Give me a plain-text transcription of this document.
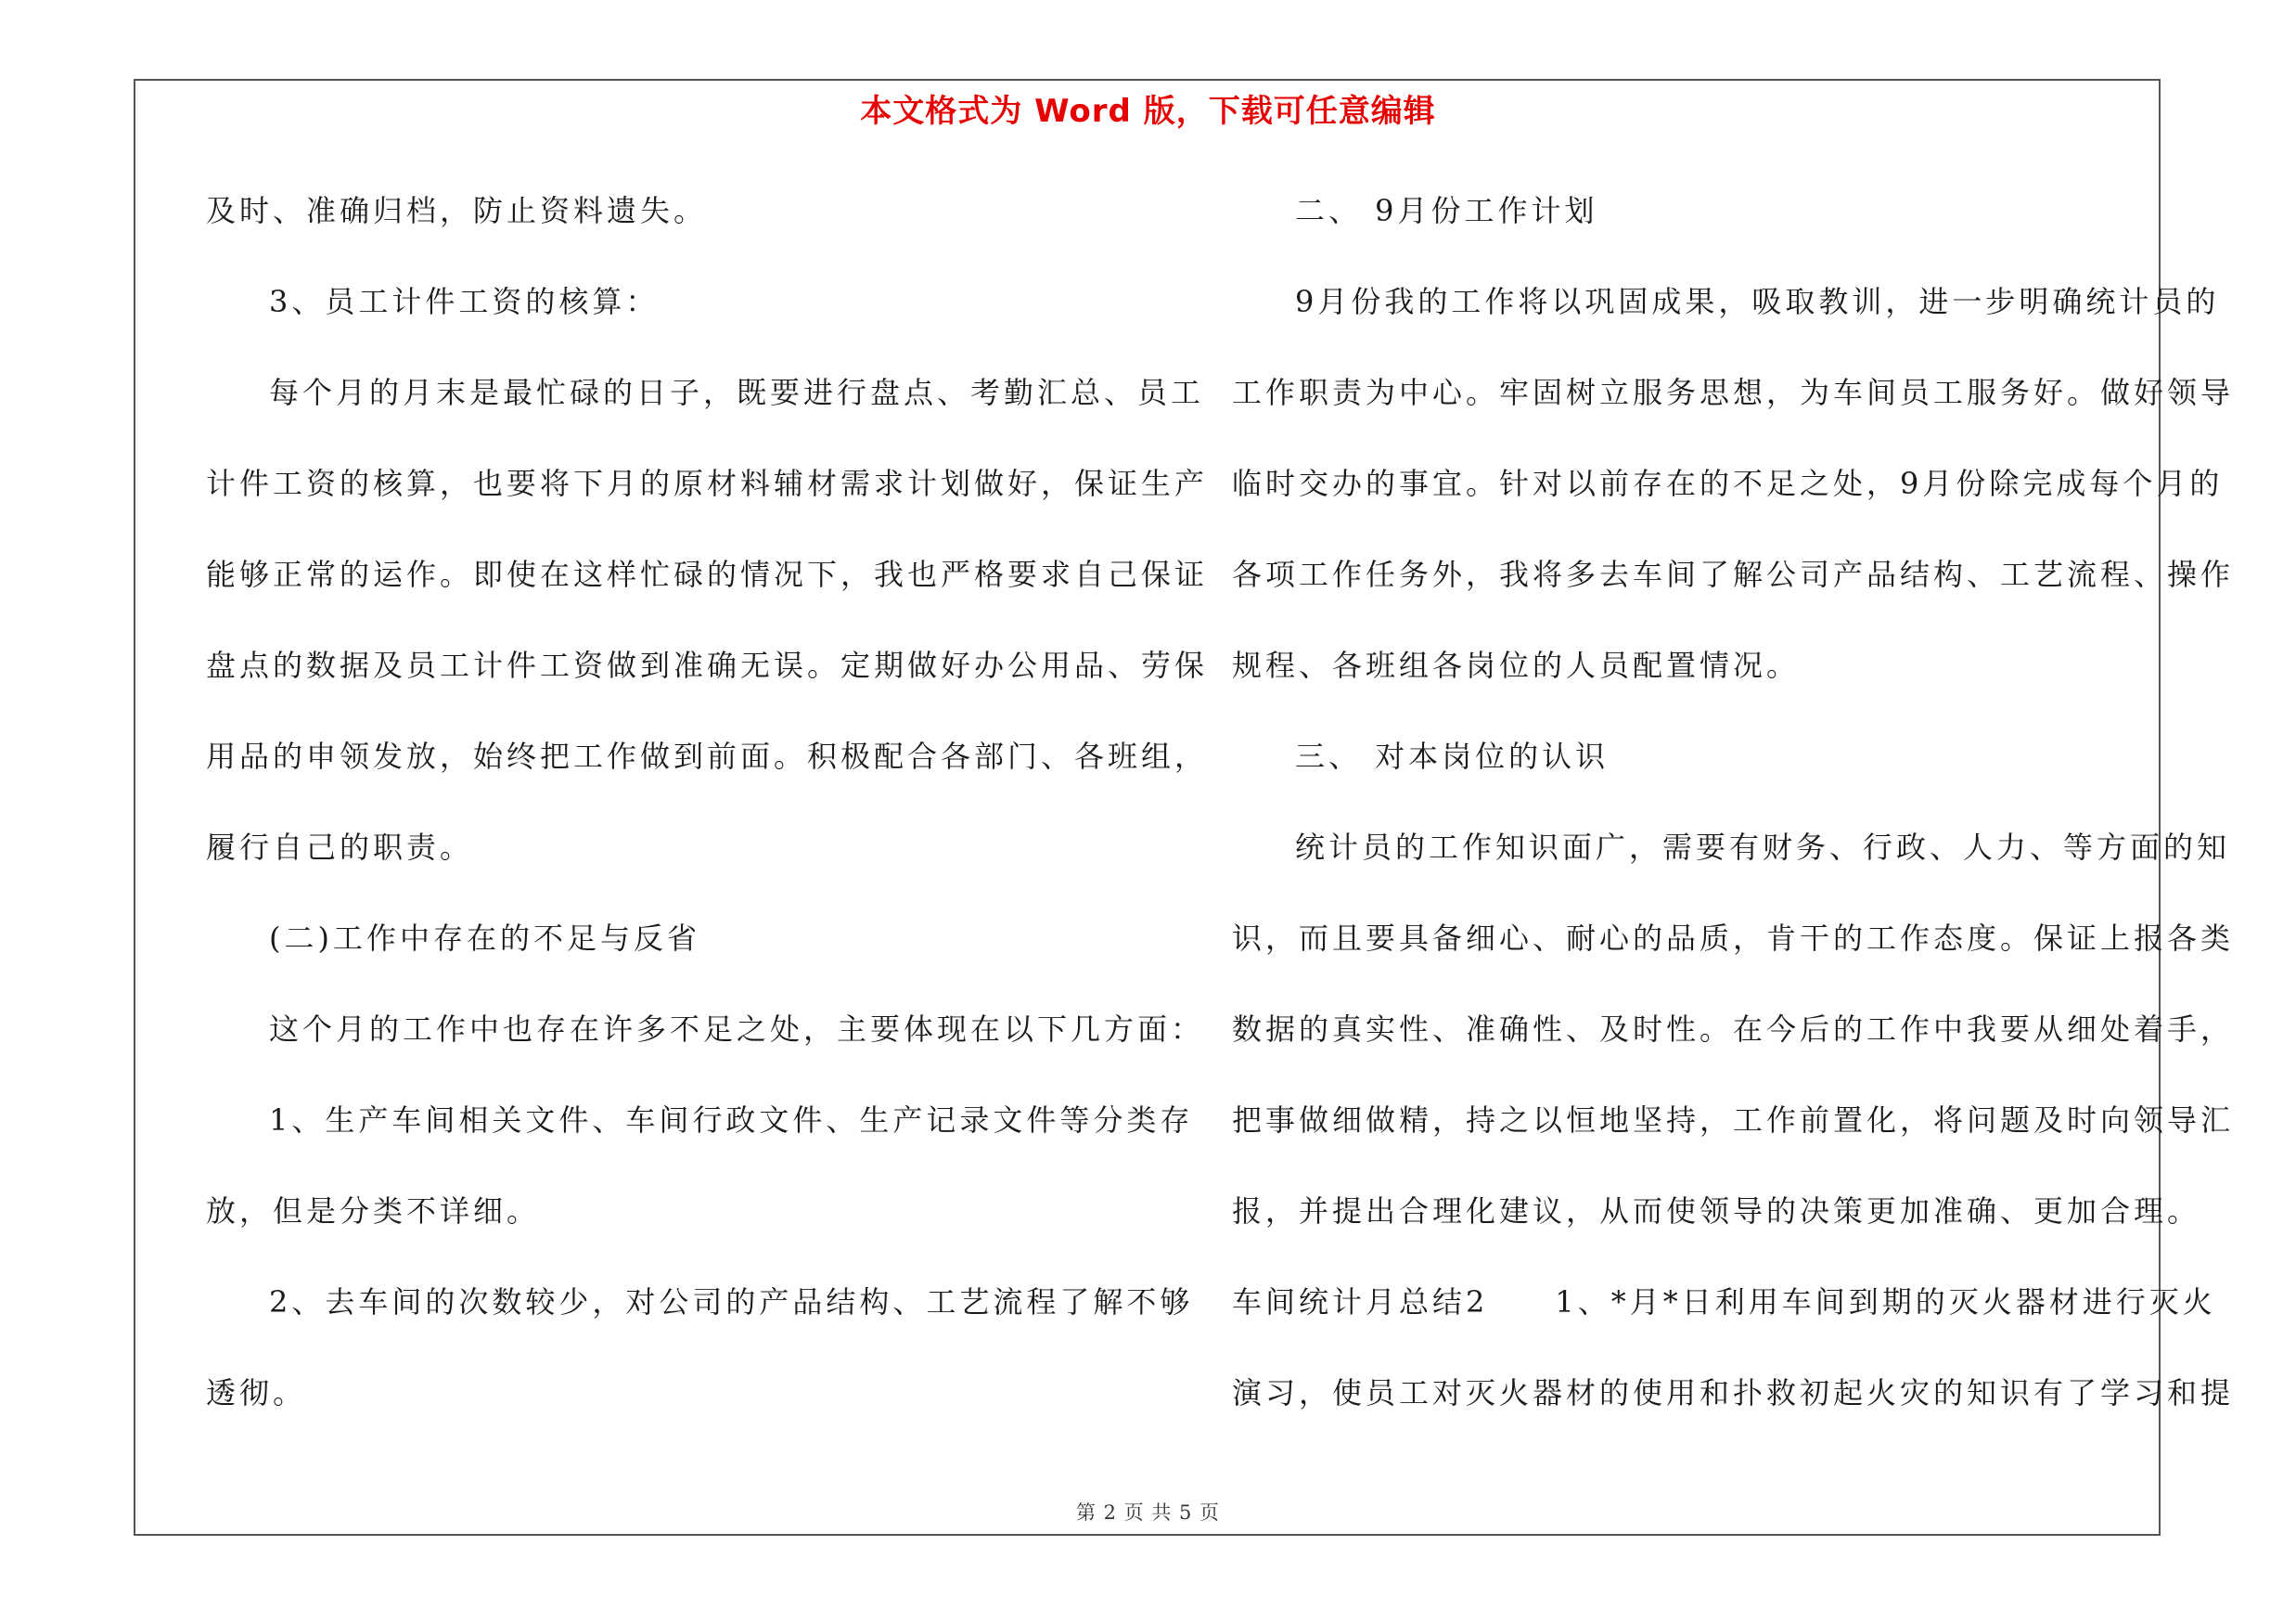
本文格式为 Word 版，下载可任意编辑
及时、准确归档，防止资料遗失。
3、员工计件工资的核算：
每个月的月末是最忙碌的日子，既要进行盘点、考勤汇总、员工
计件工资的核算，也要将下月的原材料辅材需求计划做好，保证生产
能够正常的运作。即使在这样忙碌的情况下，我也严格要求自己保证
盘点的数据及员工计件工资做到准确无误。定期做好办公用品、劳保
用品的申领发放，始终把工作做到前面。积极配合各部门、各班组，
履行自己的职责。
(二)工作中存在的不足与反省
这个月的工作中也存在许多不足之处，主要体现在以下几方面：
1、生产车间相关文件、车间行政文件、生产记录文件等分类存
放，但是分类不详细。
2、去车间的次数较少，对公司的产品结构、工艺流程了解不够
透彻。
二、 9月份工作计划
9月份我的工作将以巩固成果，吸取教训，进一步明确统计员的
工作职责为中心。牢固树立服务思想，为车间员工服务好。做好领导
临时交办的事宜。针对以前存在的不足之处，9月份除完成每个月的
各项工作任务外，我将多去车间了解公司产品结构、工艺流程、操作
规程、各班组各岗位的人员配置情况。
三、 对本岗位的认识
统计员的工作知识面广，需要有财务、行政、人力、等方面的知
识，而且要具备细心、耐心的品质，肯干的工作态度。保证上报各类
数据的真实性、准确性、及时性。在今后的工作中我要从细处着手，
把事做细做精，持之以恒地坚持，工作前置化，将问题及时向领导汇
报，并提出合理化建议，从而使领导的决策更加准确、更加合理。
车间统计月总结2　　1、*月*日利用车间到期的灭火器材进行灭火
演习，使员工对灭火器材的使用和扑救初起火灾的知识有了学习和提
第 2 页 共 5 页
